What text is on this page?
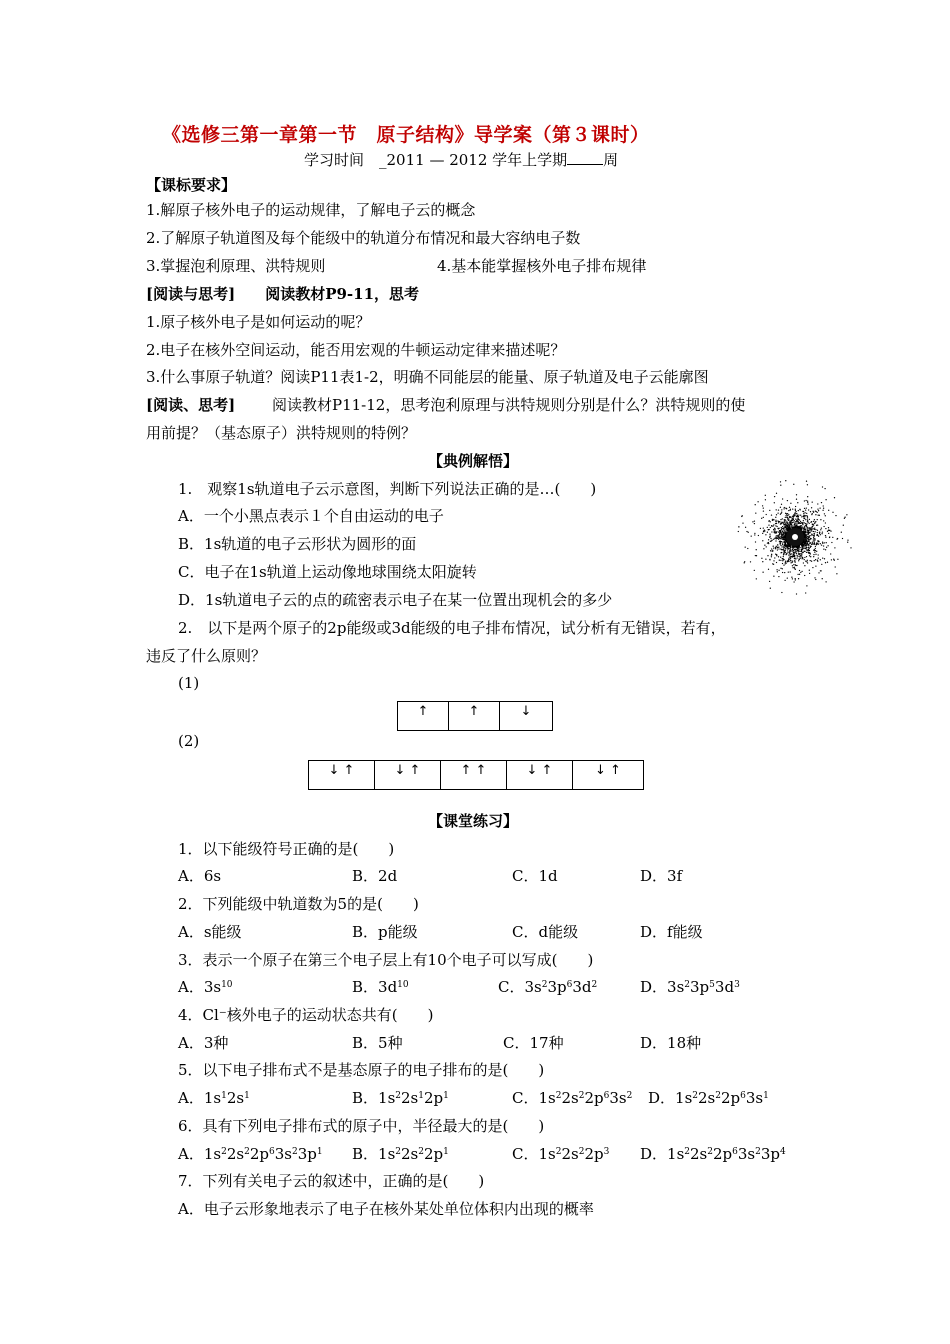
《选修三第一章第一节　原子结构》导学案（第３课时）
学习时间　_2011 — 2012 学年上学期 周
【课标要求】
1.解原子核外电子的运动规律，了解电子云的概念
2.了解原子轨道图及每个能级中的轨道分布情况和最大容纳电子数
3.掌握泡利原理、洪特规则	4.基本能掌握核外电子排布规律
[阅读与思考]　　阅读教材P9-11，思考
1.原子核外电子是如何运动的呢？
2.电子在核外空间运动，能否用宏观的牛顿运动定律来描述呢？
3.什么事原子轨道？阅读P11表1-2，明确不同能层的能量、原子轨道及电子云能廓图
[阅读、思考] 阅读教材P11-12，思考泡利原理与洪特规则分别是什么？洪特规则的使
用前提？（基态原子）洪特规则的特例？
【典例解悟】
1.　观察1s轨道电子云示意图，判断下列说法正确的是…(　　)
A．一个小黑点表示１个自由运动的电子
B．1s轨道的电子云形状为圆形的面
C．电子在1s轨道上运动像地球围绕太阳旋转
D．1s轨道电子云的点的疏密表示电子在某一位置出现机会的多少
2.　以下是两个原子的2p能级或3d能级的电子排布情况，试分析有无错误，若有，
违反了什么原则？
(1)
↑	↑	↓
(2)
↓ ↑	↓ ↑	↑ ↑	↓ ↑	↓ ↑
【课堂练习】
1．以下能级符号正确的是(　　)
A．6s	B．2d	C．1d	D．3f
2．下列能级中轨道数为5的是(　　)
A．s能级	B．p能级	C．d能级	D．f能级
3．表示一个原子在第三个电子层上有10个电子可以写成(　　)
A．$3s^{10}$	B．$3d^{10}$	C．$3s^23p^63d^2$	D．$3s^23p^53d^3$
4．Cl⁻核外电子的运动状态共有(　　)
A．3种	B．5种	C．17种	D．18种
5．以下电子排布式不是基态原子的电子排布的是(　　)
A．$1s^12s^1$	B．$1s^22s^12p^1$	C．$1s^22s^22p^63s^2$ D．$1s^22s^22p^63s^1$
6．具有下列电子排布式的原子中，半径最大的是(　　)
A．$1s^22s^22p^63s^23p^1$ B．$1s^22s^22p^1$	C．$1s^22s^22p^3$ D．$1s^22s^22p^63s^23p^4$
7．下列有关电子云的叙述中，正确的是(　　)
A．电子云形象地表示了电子在核外某处单位体积内出现的概率
